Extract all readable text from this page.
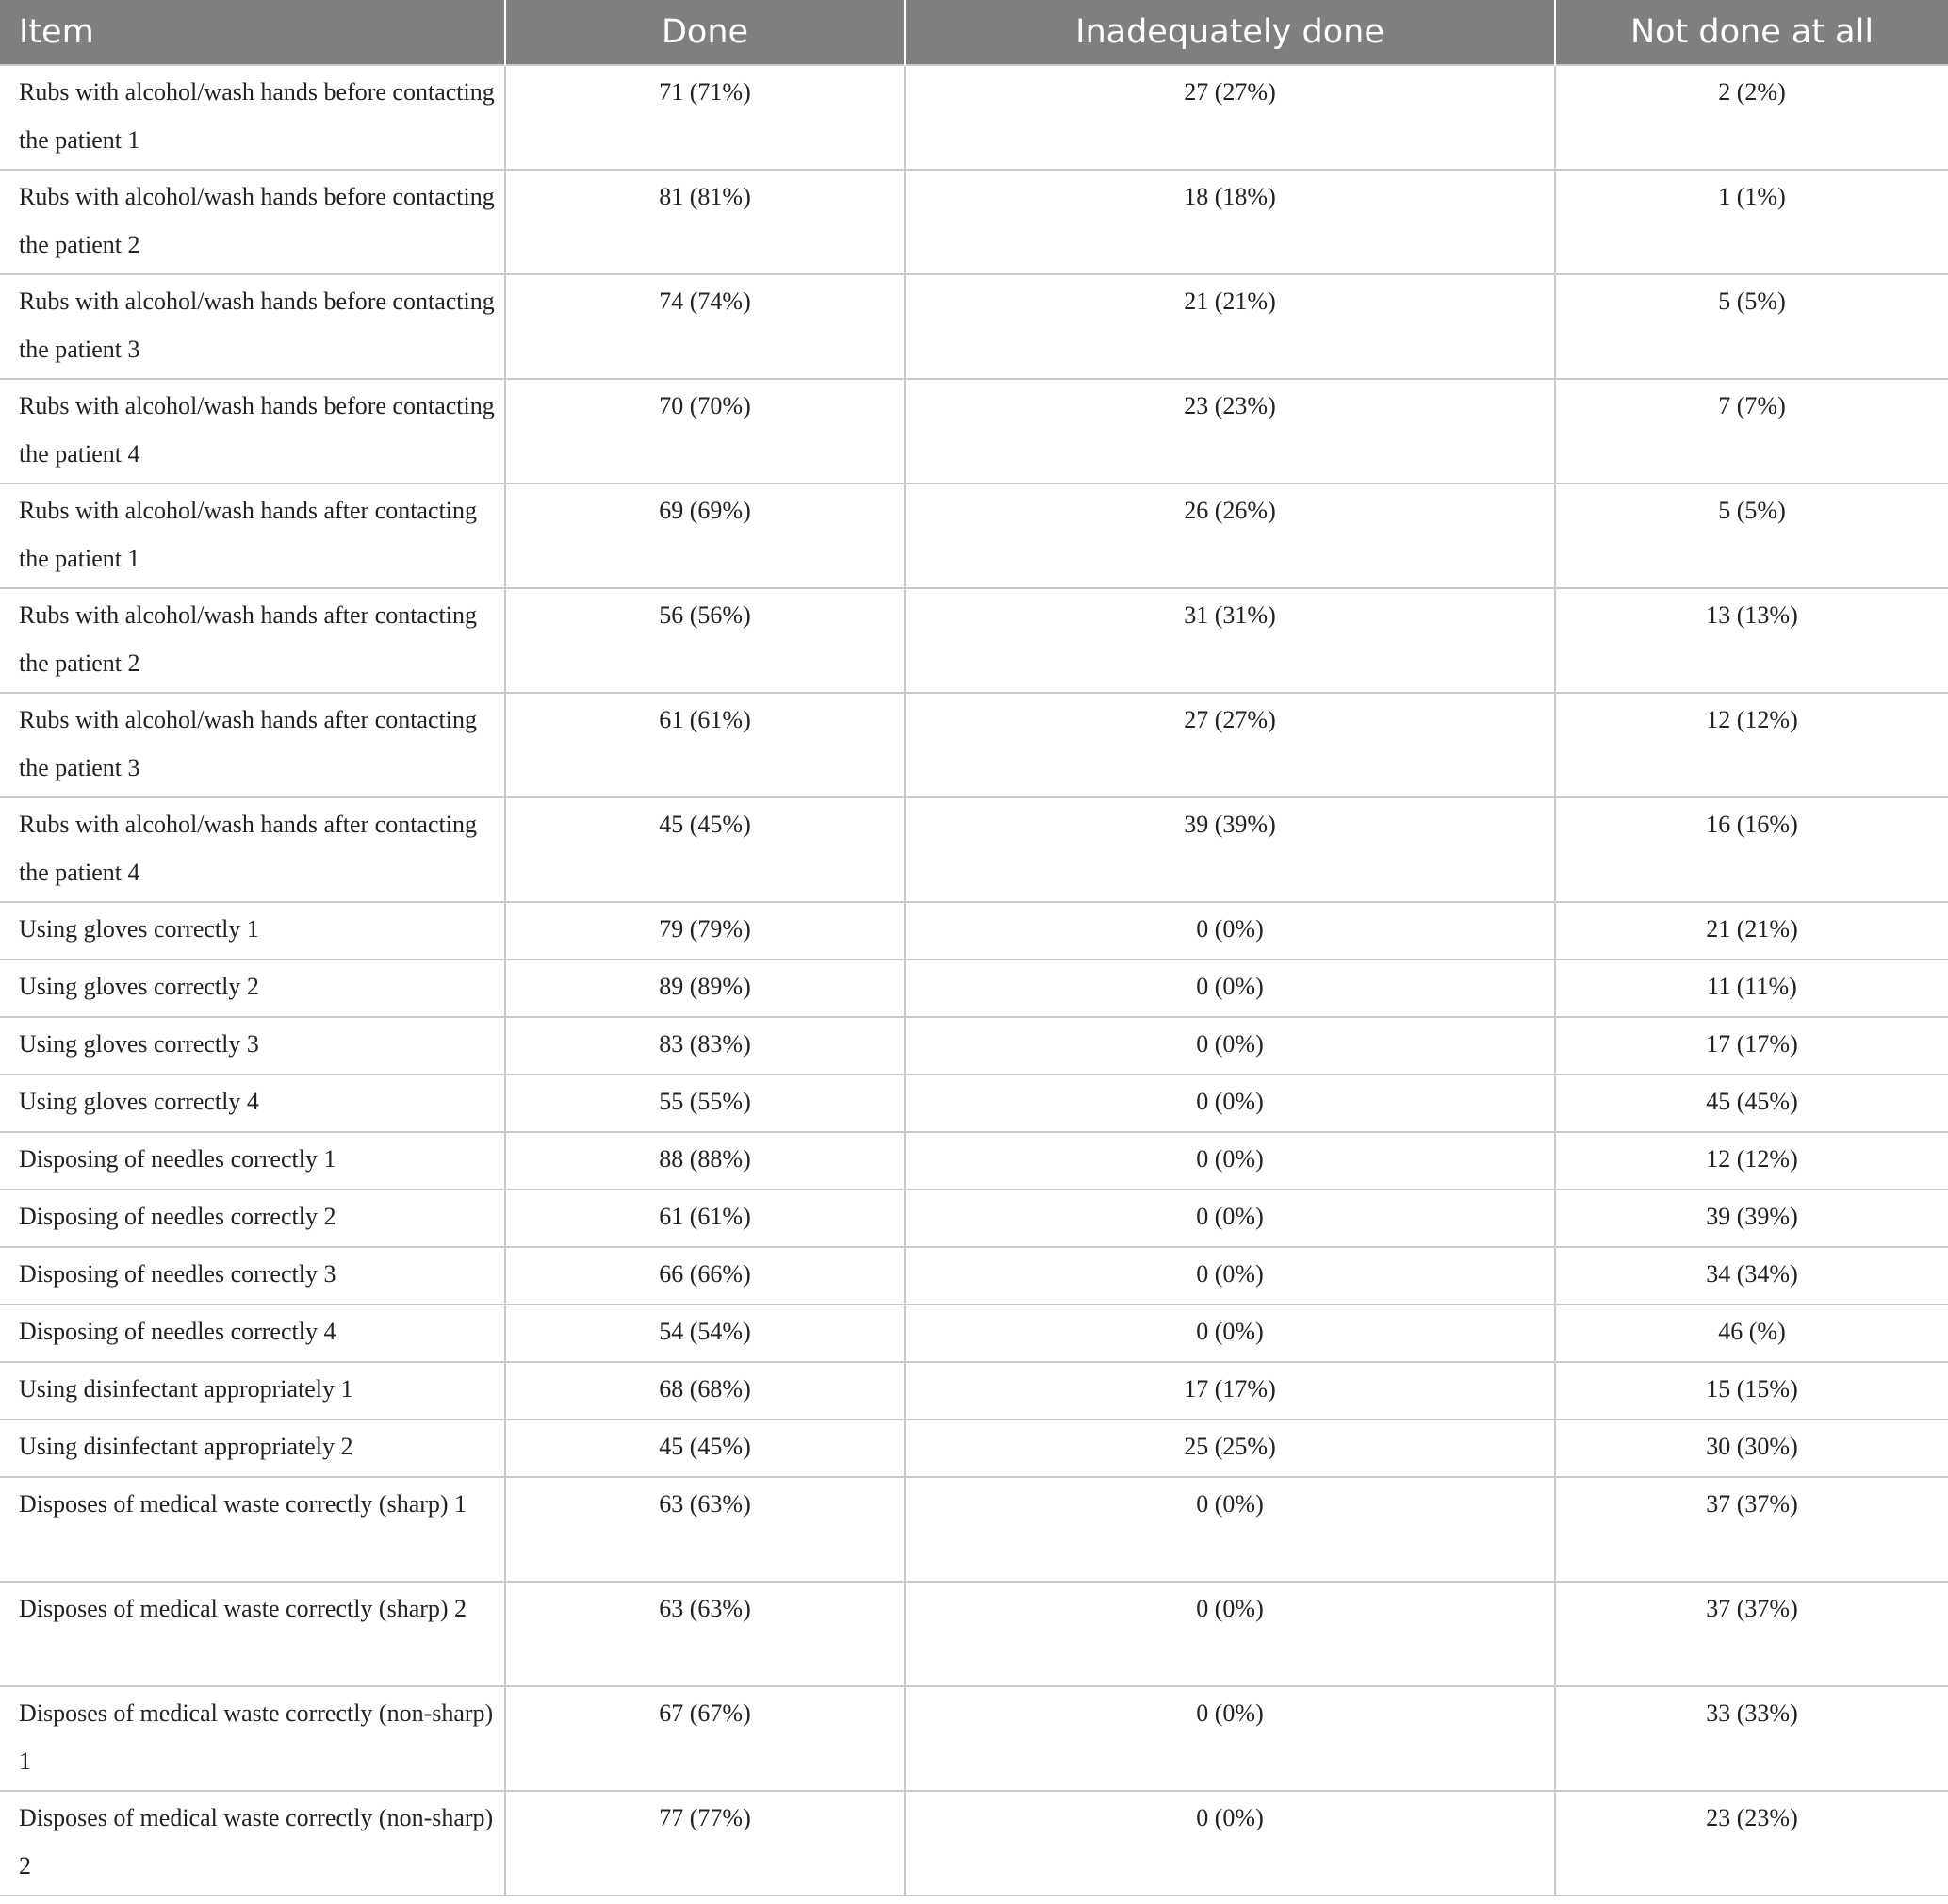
Item	Done	Inadequately done	Not done at all

Rubs with alcohol/wash hands before contacting the patient 1	71 (71%)	27 (27%)	2 (2%)

Rubs with alcohol/wash hands before contacting the patient 2	81 (81%)	18 (18%)	1 (1%)

Rubs with alcohol/wash hands before contacting the patient 3	74 (74%)	21 (21%)	5 (5%)

Rubs with alcohol/wash hands before contacting the patient 4	70 (70%)	23 (23%)	7 (7%)

Rubs with alcohol/wash hands after contacting the patient 1	69 (69%)	26 (26%)	5 (5%)

Rubs with alcohol/wash hands after contacting the patient 2	56 (56%)	31 (31%)	13 (13%)

Rubs with alcohol/wash hands after contacting the patient 3	61 (61%)	27 (27%)	12 (12%)

Rubs with alcohol/wash hands after contacting the patient 4	45 (45%)	39 (39%)	16 (16%)

Using gloves correctly 1	79 (79%)	0 (0%)	21 (21%)

Using gloves correctly 2	89 (89%)	0 (0%)	11 (11%)

Using gloves correctly 3	83 (83%)	0 (0%)	17 (17%)

Using gloves correctly 4	55 (55%)	0 (0%)	45 (45%)

Disposing of needles correctly 1	88 (88%)	0 (0%)	12 (12%)

Disposing of needles correctly 2	61 (61%)	0 (0%)	39 (39%)

Disposing of needles correctly 3	66 (66%)	0 (0%)	34 (34%)

Disposing of needles correctly 4	54 (54%)	0 (0%)	46 (%)

Using disinfectant appropriately 1	68 (68%)	17 (17%)	15 (15%)

Using disinfectant appropriately 2	45 (45%)	25 (25%)	30 (30%)

Disposes of medical waste correctly (sharp) 1	63 (63%)	0 (0%)	37 (37%)

Disposes of medical waste correctly (sharp) 2	63 (63%)	0 (0%)	37 (37%)

Disposes of medical waste correctly (non-sharp) 1	67 (67%)	0 (0%)	33 (33%)

Disposes of medical waste correctly (non-sharp) 2	77 (77%)	0 (0%)	23 (23%)
